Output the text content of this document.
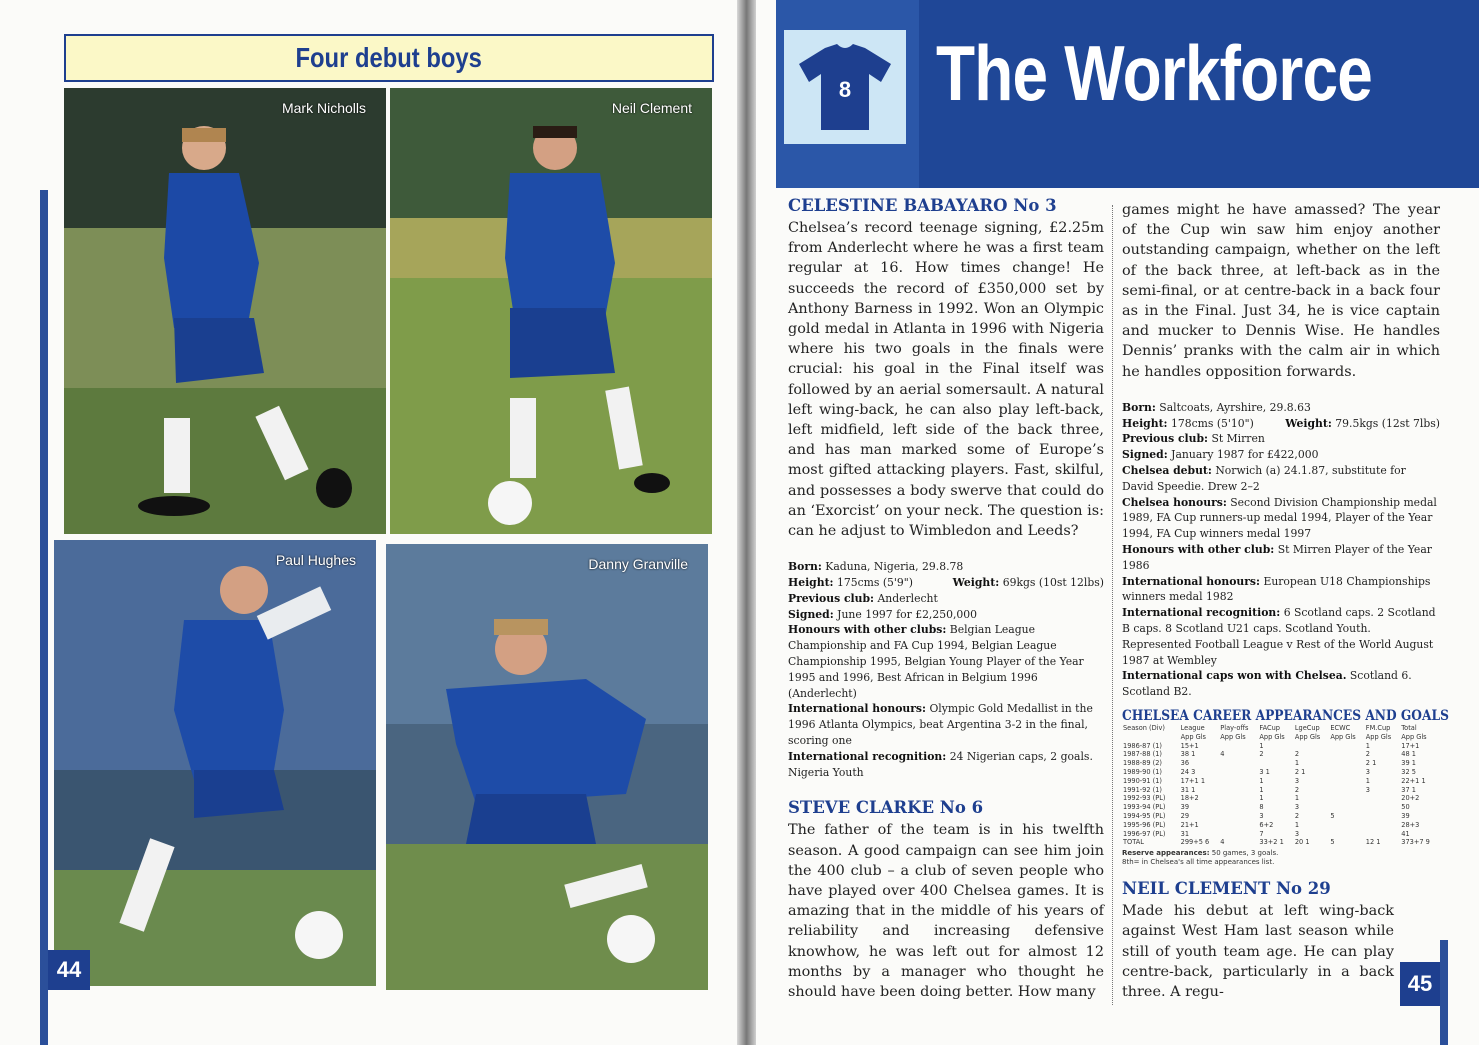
Four debut boys
Mark Nicholls	Neil Clement
Paul Hughes	Danny Granville
44
8	The Workforce
CELESTINE BABAYARO No 3

Chelsea’s record teenage signing, £2.25m from Anderlecht where he was a first team regular at 16. How times change! He succeeds the record of £350,000 set by Anthony Barness in 1992. Won an Olympic gold medal in Atlanta in 1996 with Nigeria where his two goals in the finals were crucial: his goal in the Final itself was followed by an aerial somersault. A natural left wing-back, he can also play left-back, left midfield, left side of the back three, and has man marked some of Europe’s most gifted attacking players. Fast, skilful, and possesses a body swerve that could do an ‘Exorcist’ on your neck. The question is: can he adjust to Wimbledon and Leeds?

Born: Kaduna, Nigeria, 29.8.78

Height: 175cms (5'9")	Weight: 69kgs (10st 12lbs)

Previous club: Anderlecht

Signed: June 1997 for £2,250,000

Honours with other clubs: Belgian League Championship and FA Cup 1994, Belgian League Championship 1995, Belgian Young Player of the Year 1995 and 1996, Best African in Belgium 1996 (Anderlecht)

International honours: Olympic Gold Medallist in the 1996 Atlanta Olympics, beat Argentina 3-2 in the final, scoring one

International recognition: 24 Nigerian caps, 2 goals. Nigeria Youth

STEVE CLARKE No 6

The father of the team is in his twelfth season. A good campaign can see him join the 400 club – a club of seven people who have played over 400 Chelsea games. It is amazing that in the middle of his years of reliability and increasing defensive knowhow, he was left out for almost 12 months by a manager who thought he should have been doing better. How many

games might he have amassed? The year of the Cup win saw him enjoy another outstanding campaign, whether on the left of the back three, at left-back as in the semi-final, or at centre-back in a back four as in the Final. Just 34, he is vice captain and mucker to Dennis Wise. He handles Dennis’ pranks with the calm air in which he handles opposition forwards.

Born: Saltcoats, Ayrshire, 29.8.63

Height: 178cms (5'10")	Weight: 79.5kgs (12st 7lbs)

Previous club: St Mirren

Signed: January 1987 for £422,000

Chelsea debut: Norwich (a) 24.1.87, substitute for David Speedie. Drew 2–2

Chelsea honours: Second Division Championship medal 1989, FA Cup runners-up medal 1994, Player of the Year 1994, FA Cup winners medal 1997

Honours with other club: St Mirren Player of the Year 1986

International honours: European U18 Championships winners medal 1982

International recognition: 6 Scotland caps. 2 Scotland B caps. 8 Scotland U21 caps. Scotland Youth. Represented Football League v Rest of the World August 1987 at Wembley

International caps won with Chelsea. Scotland 6. Scotland B2.

CHELSEA CAREER APPEARANCES AND GOALS
Season (Div)	League	Play-offs	FACup	LgeCup	ECWC	FM.Cup	Total
	App Gls	App Gls	App Gls	App Gls	App Gls	App Gls	App Gls
1986-87 (1)	15+1		1			1	17+1
1987-88 (1)	38 1	4	2	2		2	48 1
1988-89 (2)	36			1		2 1	39 1
1989-90 (1)	24 3		3 1	2 1		3	32 5
1990-91 (1)	17+1 1		1	3		1	22+1 1
1991-92 (1)	31 1		1	2		3	37 1
1992-93 (PL)	18+2		1	1			20+2
1993-94 (PL)	39		8	3			50
1994-95 (PL)	29		3	2	5		39
1995-96 (PL)	21+1		6+2	1			28+3
1996-97 (PL)	31		7	3			41
TOTAL	299+5 6	4	33+2 1	20 1	5	12 1	373+7 9
Reserve appearances: 50 games, 3 goals.
8th= in Chelsea's all time appearances list.
NEIL CLEMENT No 29

Made his debut at left wing-back against West Ham last season while still of youth team age. He can play centre-back, particularly in a back three. A regu-	45
